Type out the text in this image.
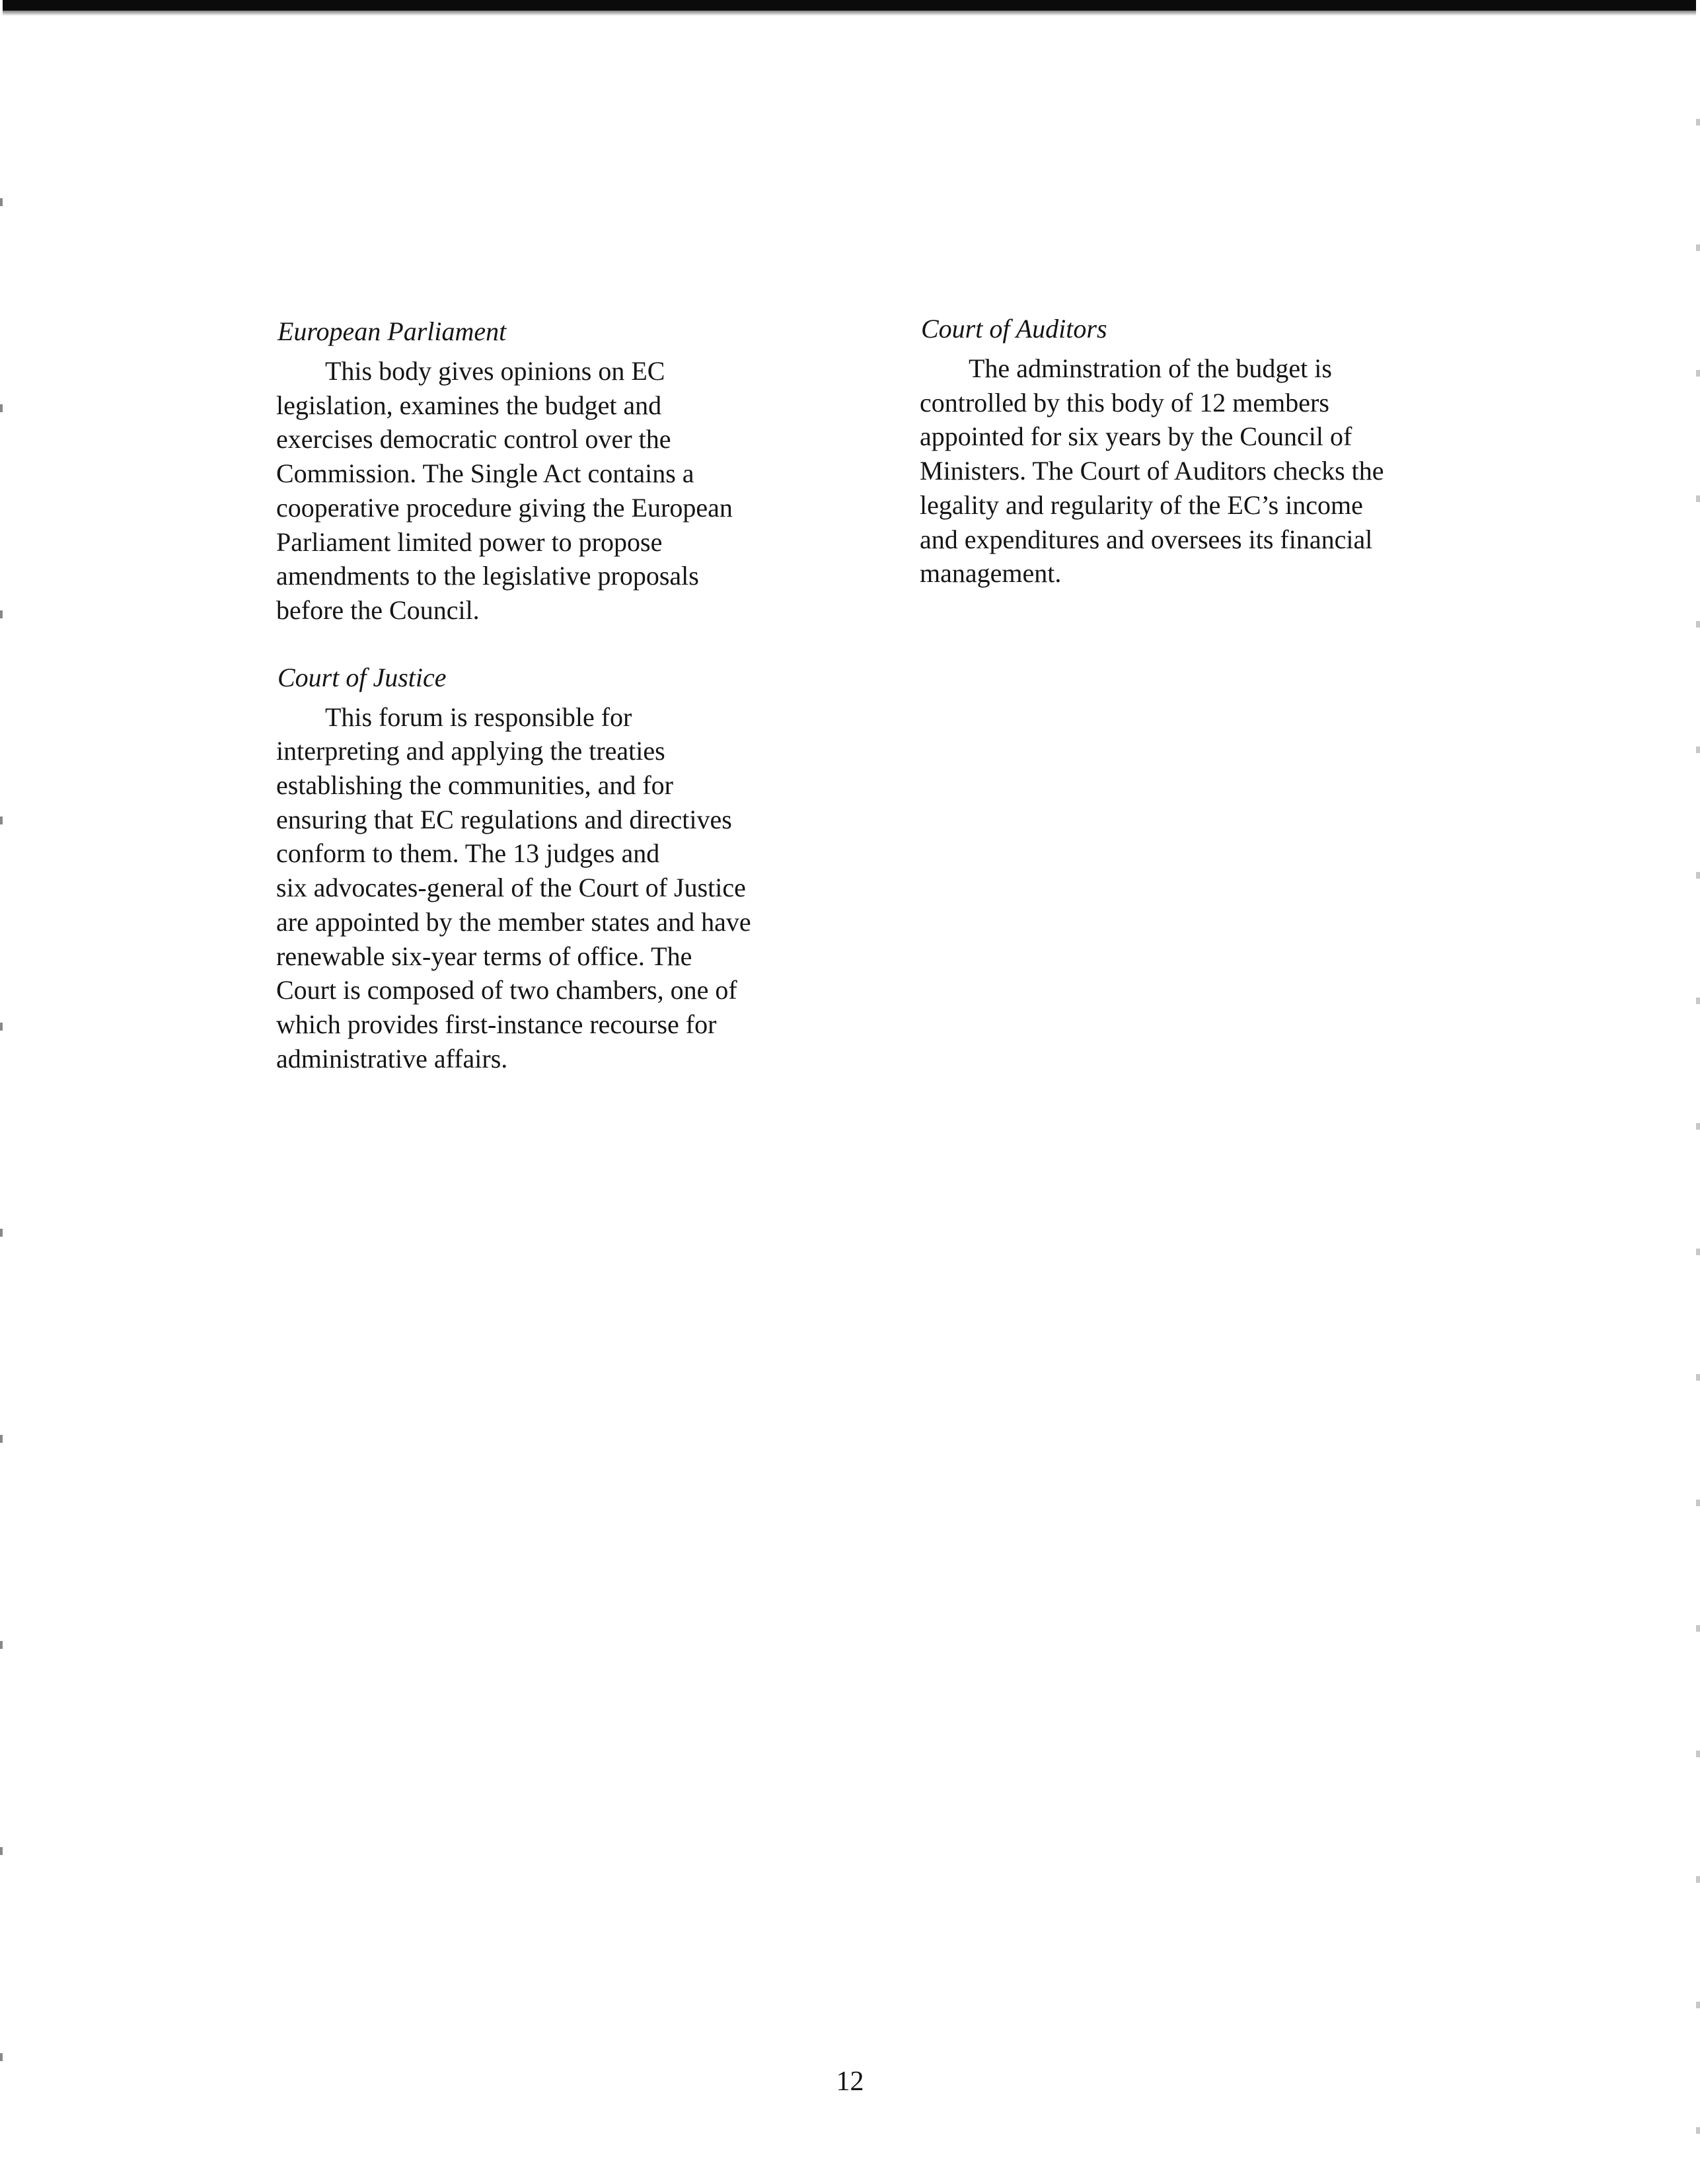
European Parliament
This body gives opinions on EC
legislation, examines the budget and
exercises democratic control over the
Commission. The Single Act contains a
cooperative procedure giving the European
Parliament limited power to propose
amendments to the legislative proposals
before the Council.
Court of Justice
This forum is responsible for
interpreting and applying the treaties
establishing the communities, and for
ensuring that EC regulations and directives
conform to them. The 13 judges and
six advocates-general of the Court of Justice
are appointed by the member states and have
renewable six-year terms of office. The
Court is composed of two chambers, one of
which provides first-instance recourse for
administrative affairs.
Court of Auditors
The adminstration of the budget is
controlled by this body of 12 members
appointed for six years by the Council of
Ministers. The Court of Auditors checks the
legality and regularity of the EC’s income
and expenditures and oversees its financial
management.
12
